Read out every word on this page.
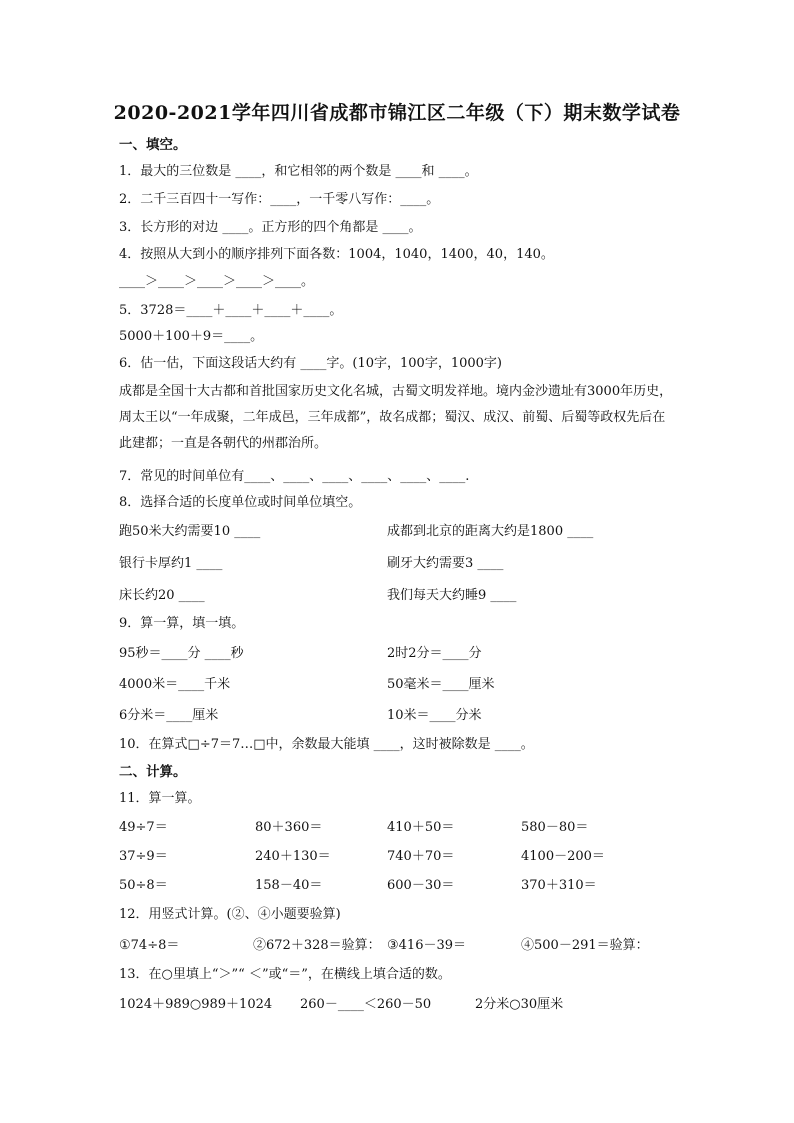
2020-2021学年四川省成都市锦江区二年级（下）期末数学试卷
一、填空。
1．最大的三位数是 ____，和它相邻的两个数是 ____和 ____。
2．二千三百四十一写作：____，一千零八写作：____。
3．长方形的对边 ____。正方形的四个角都是 ____。
4．按照从大到小的顺序排列下面各数：1004，1040，1400，40，140。
____＞____＞____＞____＞____。
5．3728＝____＋____＋____＋____。
5000＋100＋9＝____。
6．估一估，下面这段话大约有 ____字。(10字，100字，1000字)
成都是全国十大古都和首批国家历史文化名城，古蜀文明发祥地。境内金沙遗址有3000年历史，周太王以“一年成聚，二年成邑，三年成都”，故名成都；蜀汉、成汉、前蜀、后蜀等政权先后在此建都；一直是各朝代的州郡治所。
7．常见的时间单位有____、____、____、____、____、____.
8．选择合适的长度单位或时间单位填空。
跑50米大约需要10 ____	成都到北京的距离大约是1800 ____
银行卡厚约1 ____	刷牙大约需要3 ____
床长约20 ____	我们每天大约睡9 ____
9．算一算，填一填。
95秒＝____分 ____秒	2时2分＝____分
4000米＝____千米	50毫米＝____厘米
6分米＝____厘米	10米＝____分米
10．在算式□÷7＝7…□中，余数最大能填 ____，这时被除数是 ____。
二、计算。
11．算一算。
49÷7＝	80＋360＝	410＋50＝	580－80＝
37÷9＝	240＋130＝	740＋70＝	4100－200＝
50÷8＝	158－40＝	600－30＝	370＋310＝
12．用竖式计算。(②、④小题要验算)
①74÷8＝	②672＋328＝验算： ③416－39＝	④500－291＝验算：
13．在○里填上“＞”“ ＜”或“＝”，在横线上填合适的数。
1024＋989○989＋1024 260－____＜260－50	2分米○30厘米
